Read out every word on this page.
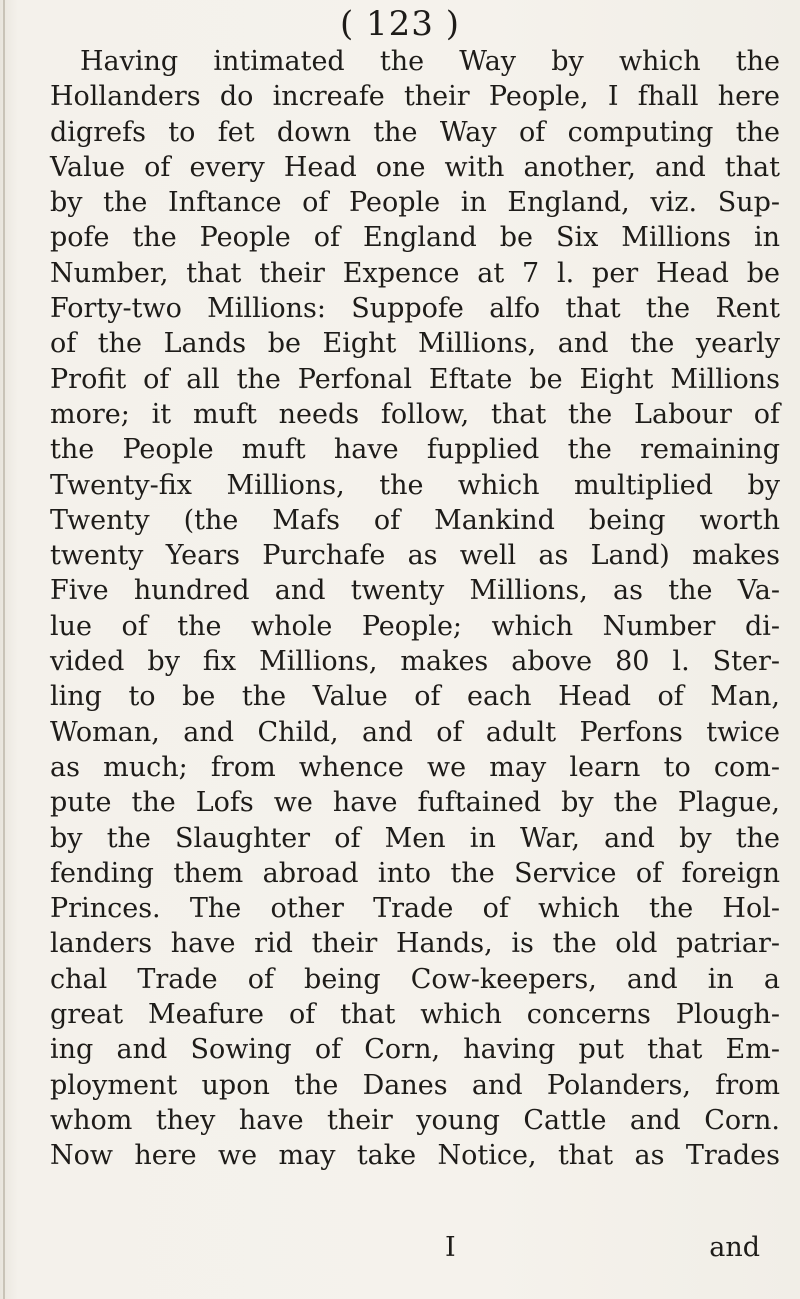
( 123 )
Having intimated the Way by which the
Hollanders do increafe their People, I fhall here
digrefs to fet down the Way of computing the
Value of every Head one with another, and that
by the Inftance of People in England, viz. Sup-
pofe the People of England be Six Millions in
Number, that their Expence at 7 l. per Head be
Forty-two Millions: Suppofe alfo that the Rent
of the Lands be Eight Millions, and the yearly
Profit of all the Perfonal Eftate be Eight Millions
more; it muft needs follow, that the Labour of
the People muft have fupplied the remaining
Twenty-fix Millions, the which multiplied by
Twenty (the Mafs of Mankind being worth
twenty Years Purchafe as well as Land) makes
Five hundred and twenty Millions, as the Va-
lue of the whole People; which Number di-
vided by fix Millions, makes above 80 l. Ster-
ling to be the Value of each Head of Man,
Woman, and Child, and of adult Perfons twice
as much; from whence we may learn to com-
pute the Lofs we have fuftained by the Plague,
by the Slaughter of Men in War, and by the
fending them abroad into the Service of foreign
Princes. The other Trade of which the Hol-
landers have rid their Hands, is the old patriar-
chal Trade of being Cow-keepers, and in a
great Meafure of that which concerns Plough-
ing and Sowing of Corn, having put that Em-
ployment upon the Danes and Polanders, from
whom they have their young Cattle and Corn.
Now here we may take Notice, that as Trades
I	and
